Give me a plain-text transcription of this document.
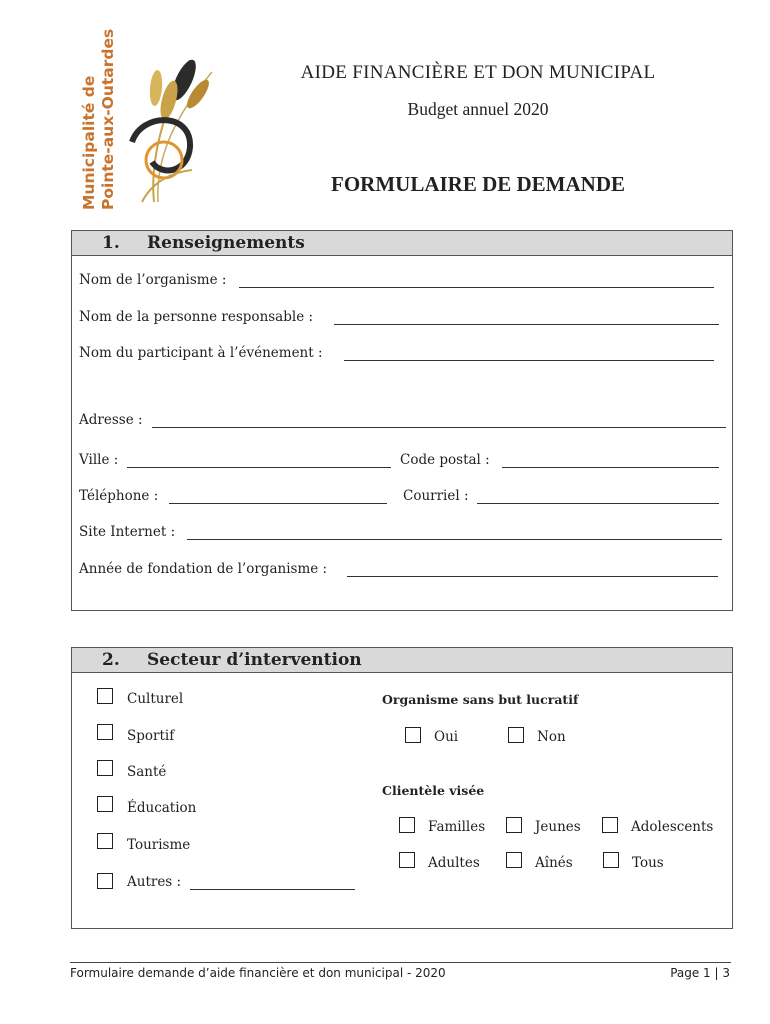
Municipalité de Pointe-aux-Outardes	AIDE FINANCIÈRE ET DON MUNICIPAL
Budget annuel 2020
FORMULAIRE DE DEMANDE
1. Renseignements
Nom de l’organisme :
Nom de la personne responsable :
Nom du participant à l’événement :
Adresse :
Ville :	Code postal :
Téléphone :	Courriel :
Site Internet :
Année de fondation de l’organisme :
2. Secteur d’intervention
Culturel
Sportif
Santé
Éducation
Tourisme
Autres :
Organisme sans but lucratif
Oui	Non
Clientèle visée
Familles	Jeunes	Adolescents
Adultes	Aînés	Tous
Formulaire demande d’aide financière et don municipal - 2020	Page 1 | 3
